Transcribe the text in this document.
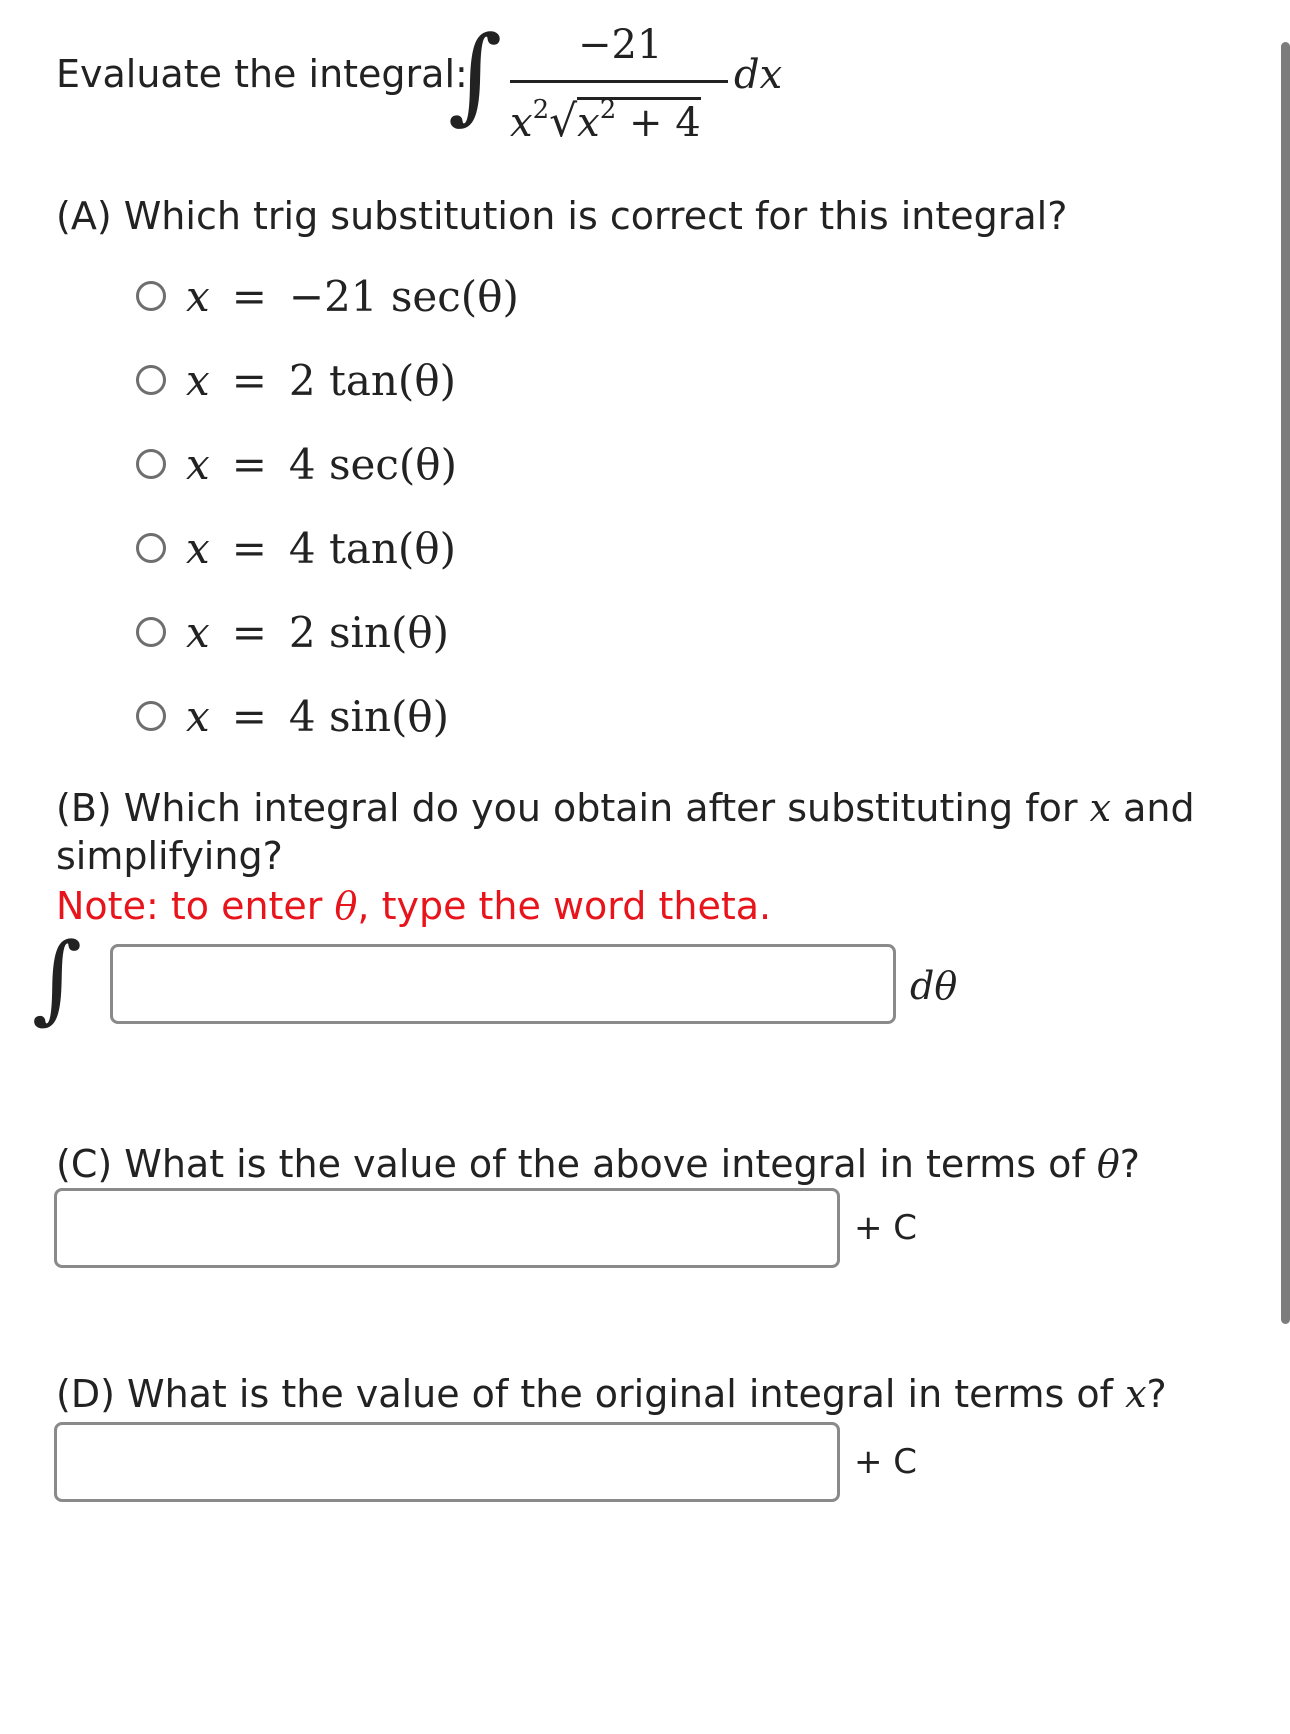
Evaluate the integral:
∫ −21
$x^2√x^2 + 4$
dx
(A) Which trig substitution is correct for this integral?
x = −21 sec(θ)
x = 2 tan(θ)
x = 4 sec(θ)
x = 4 tan(θ)
x = 2 sin(θ)
x = 4 sin(θ)
(B) Which integral do you obtain after substituting for x and
simplifying?
Note: to enter θ, type the word theta.
∫	dθ
(C) What is the value of the above integral in terms of θ?
+ C
(D) What is the value of the original integral in terms of x?
+ C
